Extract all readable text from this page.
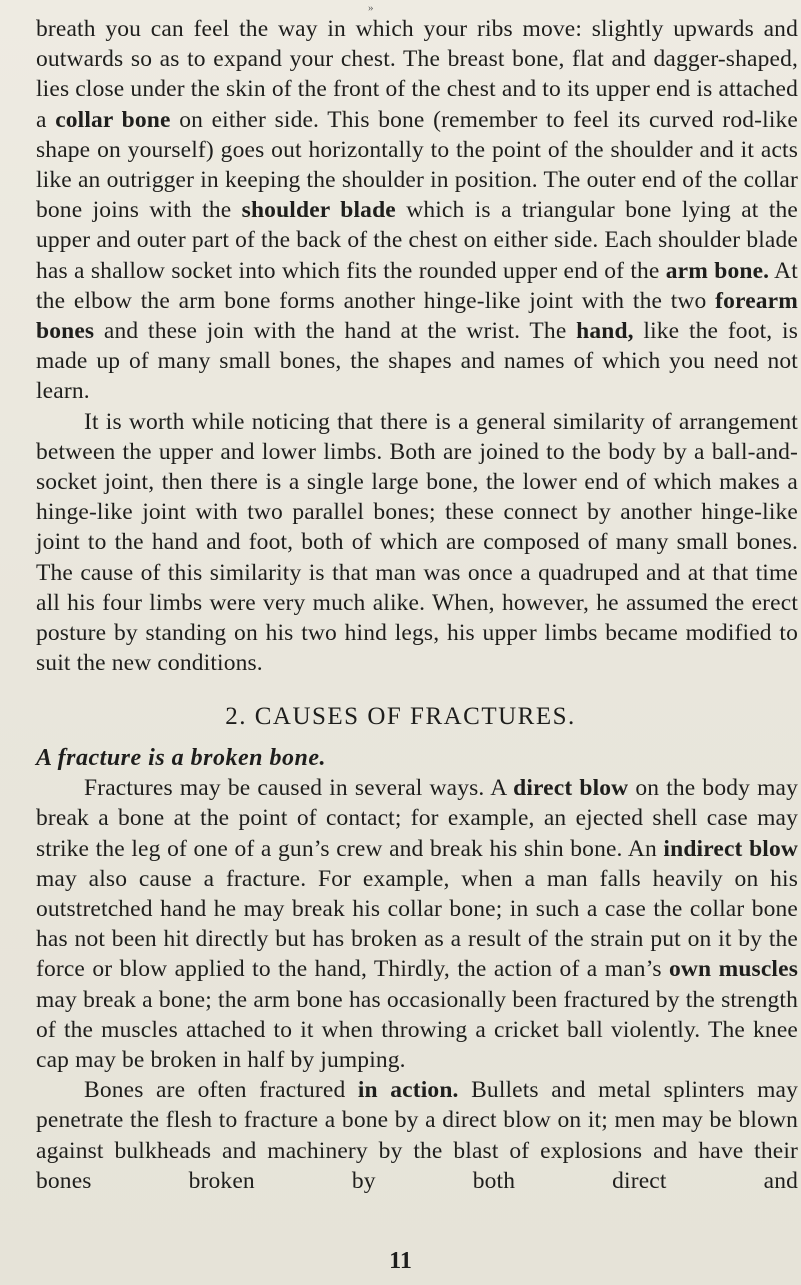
»

breath you can feel the way in which your ribs move: slightly upwards and outwards so as to expand your chest. The breast bone, flat and dagger-shaped, lies close under the skin of the front of the chest and to its upper end is attached a collar bone on either side. This bone (remember to feel its curved rod-like shape on yourself) goes out horizontally to the point of the shoulder and it acts like an outrigger in keeping the shoulder in position. The outer end of the collar bone joins with the shoulder blade which is a triangular bone lying at the upper and outer part of the back of the chest on either side. Each shoulder blade has a shallow socket into which fits the rounded upper end of the arm bone. At the elbow the arm bone forms another hinge-like joint with the two forearm bones and these join with the hand at the wrist. The hand, like the foot, is made up of many small bones, the shapes and names of which you need not learn.

It is worth while noticing that there is a general similarity of arrangement between the upper and lower limbs. Both are joined to the body by a ball-and-socket joint, then there is a single large bone, the lower end of which makes a hinge-like joint with two parallel bones; these connect by another hinge-like joint to the hand and foot, both of which are composed of many small bones. The cause of this similarity is that man was once a quadruped and at that time all his four limbs were very much alike. When, however, he assumed the erect posture by standing on his two hind legs, his upper limbs became modified to suit the new conditions.

2. CAUSES OF FRACTURES.

A fracture is a broken bone.

Fractures may be caused in several ways. A direct blow on the body may break a bone at the point of contact; for example, an ejected shell case may strike the leg of one of a gun’s crew and break his shin bone. An indirect blow may also cause a fracture. For example, when a man falls heavily on his outstretched hand he may break his collar bone; in such a case the collar bone has not been hit directly but has broken as a result of the strain put on it by the force or blow applied to the hand, Thirdly, the action of a man’s own muscles may break a bone; the arm bone has occasionally been fractured by the strength of the muscles attached to it when throwing a cricket ball violently. The knee cap may be broken in half by jumping.

Bones are often fractured in action. Bullets and metal splinters may penetrate the flesh to fracture a bone by a direct blow on it; men may be blown against bulkheads and machinery by the blast of explosions and have their bones broken by both direct and

11
